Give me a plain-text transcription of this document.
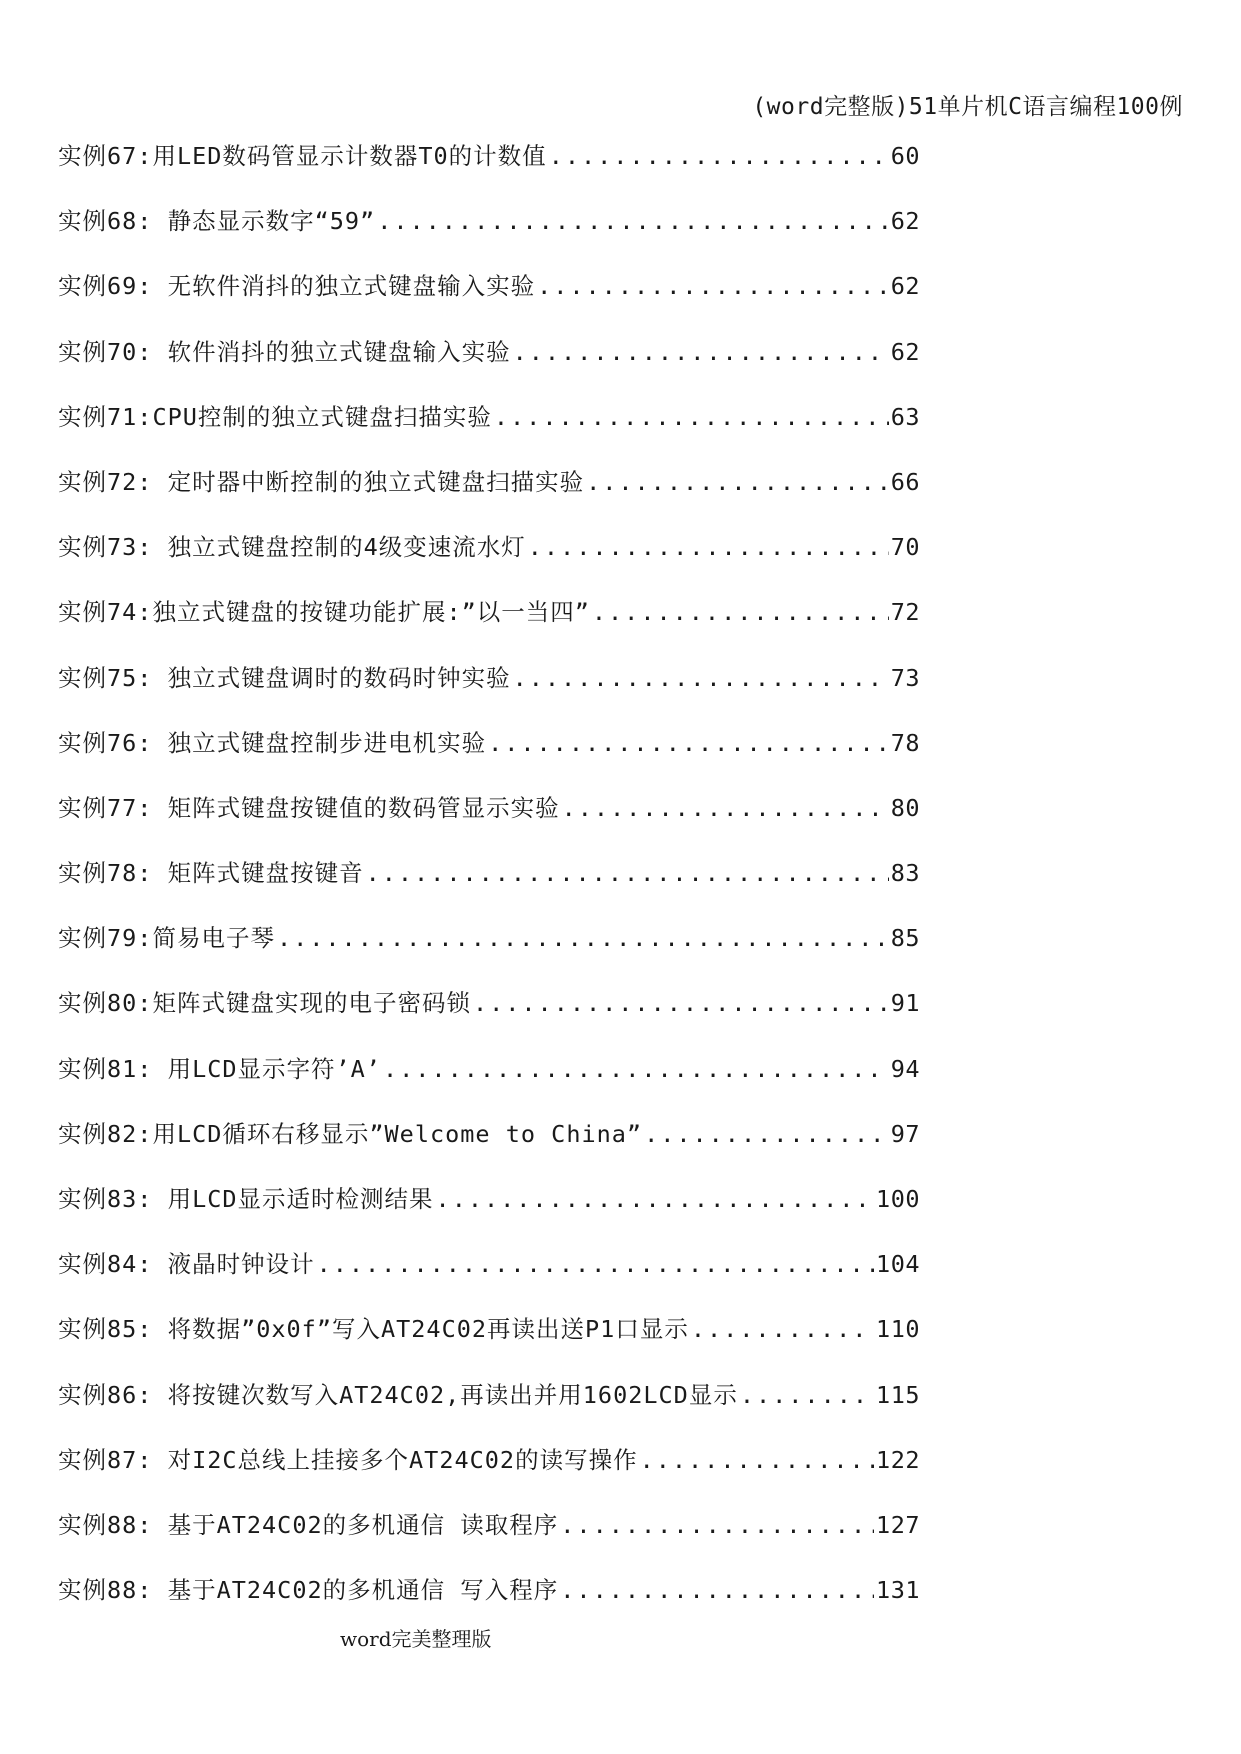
(word完整版)51单片机C语言编程100例
实例67:用LED数码管显示计数器T0的计数值 .....	60
实例68: 静态显示数字“59” .....	62
实例69: 无软件消抖的独立式键盘输入实验 .....	62
实例70: 软件消抖的独立式键盘输入实验 .....	62
实例71:CPU控制的独立式键盘扫描实验 .....	63
实例72: 定时器中断控制的独立式键盘扫描实验 .....	66
实例73: 独立式键盘控制的4级变速流水灯 .....	70
实例74:独立式键盘的按键功能扩展:”以一当四” .....	72
实例75: 独立式键盘调时的数码时钟实验 .....	73
实例76: 独立式键盘控制步进电机实验 .....	78
实例77: 矩阵式键盘按键值的数码管显示实验 .....	80
实例78: 矩阵式键盘按键音 .....	83
实例79:简易电子琴 .....	85
实例80:矩阵式键盘实现的电子密码锁 .....	91
实例81: 用LCD显示字符’A’ .....	94
实例82:用LCD循环右移显示”Welcome to China” .....	97
实例83: 用LCD显示适时检测结果 .....	100
实例84: 液晶时钟设计 .....	104
实例85: 将数据”0x0f”写入AT24C02再读出送P1口显示 .....	110
实例86: 将按键次数写入AT24C02,再读出并用1602LCD显示 .....	115
实例87: 对I2C总线上挂接多个AT24C02的读写操作 .....	122
实例88: 基于AT24C02的多机通信 读取程序 .....	127
实例88: 基于AT24C02的多机通信 写入程序 .....	131
word完美整理版
